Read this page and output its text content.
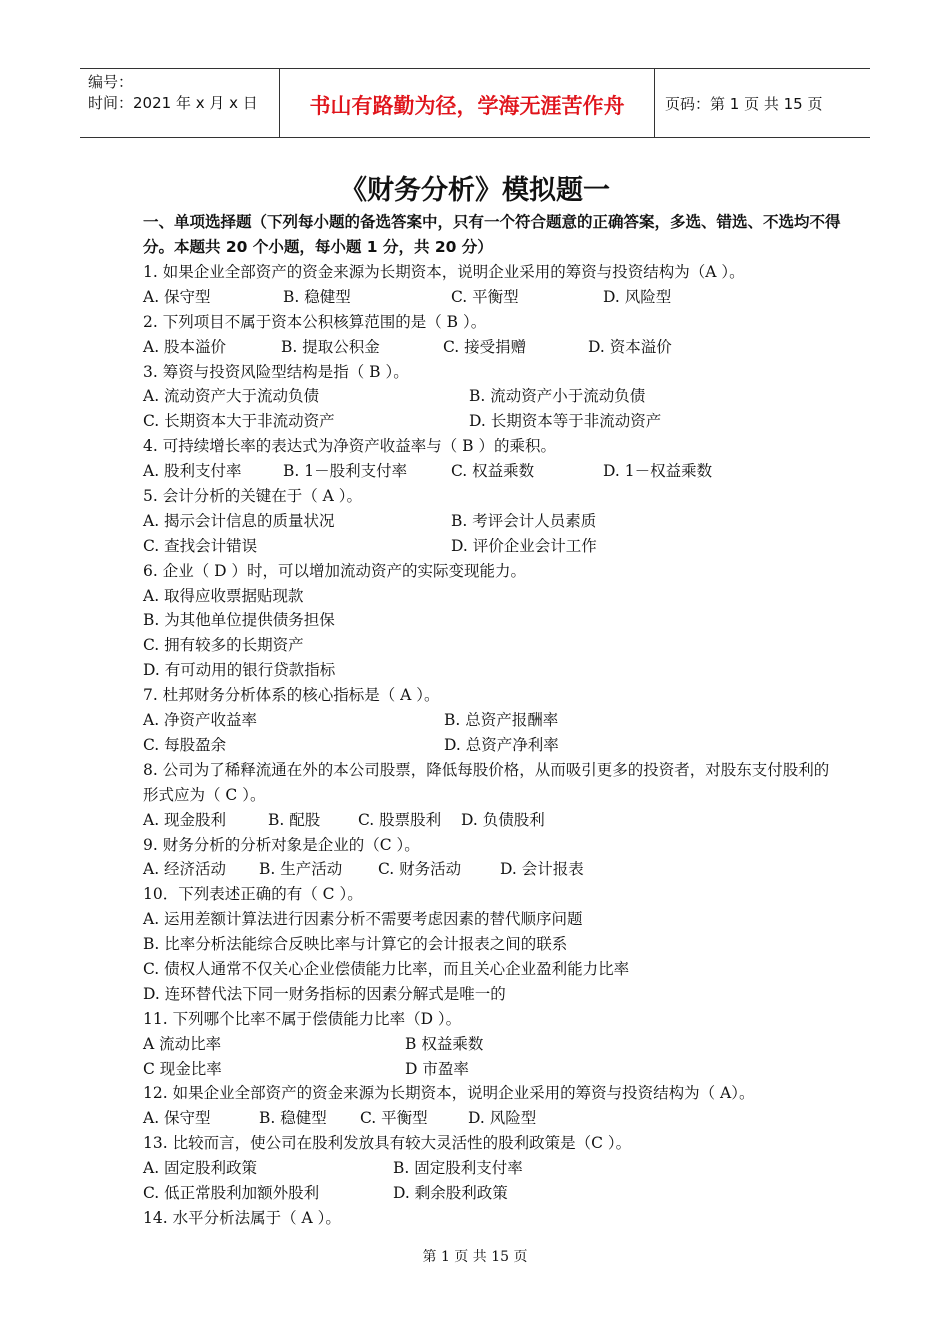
编号：
时间：2021 年 x 月 x 日	书山有路勤为径，学海无涯苦作舟	页码：第 1 页 共 15 页
《财务分析》模拟题一
一、单项选择题（下列每小题的备选答案中，只有一个符合题意的正确答案，多选、错选、不选均不得分。本题共 20 个小题，每小题 1 分，共 20 分）
1. 如果企业全部资产的资金来源为长期资本，说明企业采用的筹资与投资结构为（A ）。
A. 保守型	B. 稳健型	C. 平衡型	D. 风险型
2. 下列项目不属于资本公积核算范围的是（ B ）。
A. 股本溢价	B. 提取公积金	C. 接受捐赠	D. 资本溢价
3. 筹资与投资风险型结构是指（ B ）。
A. 流动资产大于流动负债	B. 流动资产小于流动负债
C. 长期资本大于非流动资产	D. 长期资本等于非流动资产
4. 可持续增长率的表达式为净资产收益率与（ B ）的乘积。
A. 股利支付率	B. 1－股利支付率	C. 权益乘数	D. 1－权益乘数
5. 会计分析的关键在于（ A ）。
A. 揭示会计信息的质量状况	B. 考评会计人员素质
C. 查找会计错误	D. 评价企业会计工作
6. 企业（ D ）时，可以增加流动资产的实际变现能力。
A. 取得应收票据贴现款
B. 为其他单位提供债务担保
C. 拥有较多的长期资产
D. 有可动用的银行贷款指标
7. 杜邦财务分析体系的核心指标是（ A ）。
A. 净资产收益率	B. 总资产报酬率
C. 每股盈余	D. 总资产净利率
8. 公司为了稀释流通在外的本公司股票，降低每股价格，从而吸引更多的投资者，对股东支付股利的形式应为（ C ）。
A. 现金股利	B. 配股 C. 股票股利 D. 负债股利
9. 财务分析的分析对象是企业的（C ）。
A. 经济活动 B. 生产活动 C. 财务活动	D. 会计报表
10．下列表述正确的有（ C ）。
A. 运用差额计算法进行因素分析不需要考虑因素的替代顺序问题
B. 比率分析法能综合反映比率与计算它的会计报表之间的联系
C. 债权人通常不仅关心企业偿债能力比率，而且关心企业盈利能力比率
D. 连环替代法下同一财务指标的因素分解式是唯一的
11. 下列哪个比率不属于偿债能力比率（D ）。
A 流动比率	B 权益乘数
C 现金比率	D 市盈率
12. 如果企业全部资产的资金来源为长期资本，说明企业采用的筹资与投资结构为（ A）。
A. 保守型	B. 稳健型 C. 平衡型	D. 风险型
13. 比较而言，使公司在股利发放具有较大灵活性的股利政策是（C ）。
A. 固定股利政策	B. 固定股利支付率
C. 低正常股利加额外股利	D. 剩余股利政策
14. 水平分析法属于（ A ）。
第 1 页 共 15 页
